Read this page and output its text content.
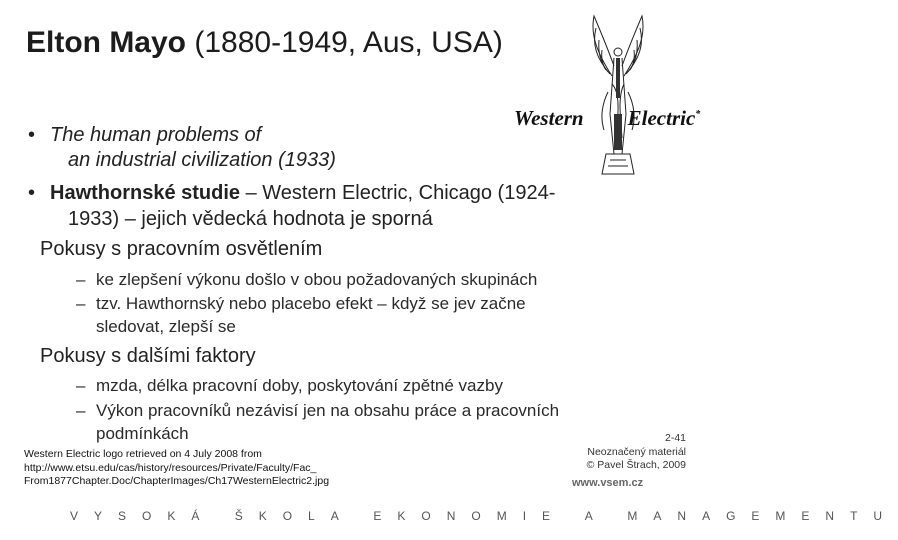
Elton Mayo (1880-1949, Aus, USA)
Western Electric*
• The human problems of
an industrial civilization (1933)
• Hawthornské studie – Western Electric, Chicago (1924-
1933) – jejich vědecká hodnota je sporná
Pokusy s pracovním osvětlením
– ke zlepšení výkonu došlo v obou požadovaných skupinách
– tzv. Hawthornský nebo placebo efekt – když se jev začne
sledovat, zlepší se
Pokusy s dalšími faktory
– mzda, délka pracovní doby, poskytování zpětné vazby
– Výkon pracovníků nezávisí jen na obsahu práce a pracovních
podmínkách
Western Electric logo retrieved on 4 July 2008 from
http://www.etsu.edu/cas/history/resources/Private/Faculty/Fac_
From1877Chapter.Doc/ChapterImages/Ch17WesternElectric2.jpg
2-41
Neoznačený materiál
© Pavel Štrach, 2009
www.vsem.cz
VYSOKÁ ŠKOLA EKONOMIE A MANAGEMENTU
